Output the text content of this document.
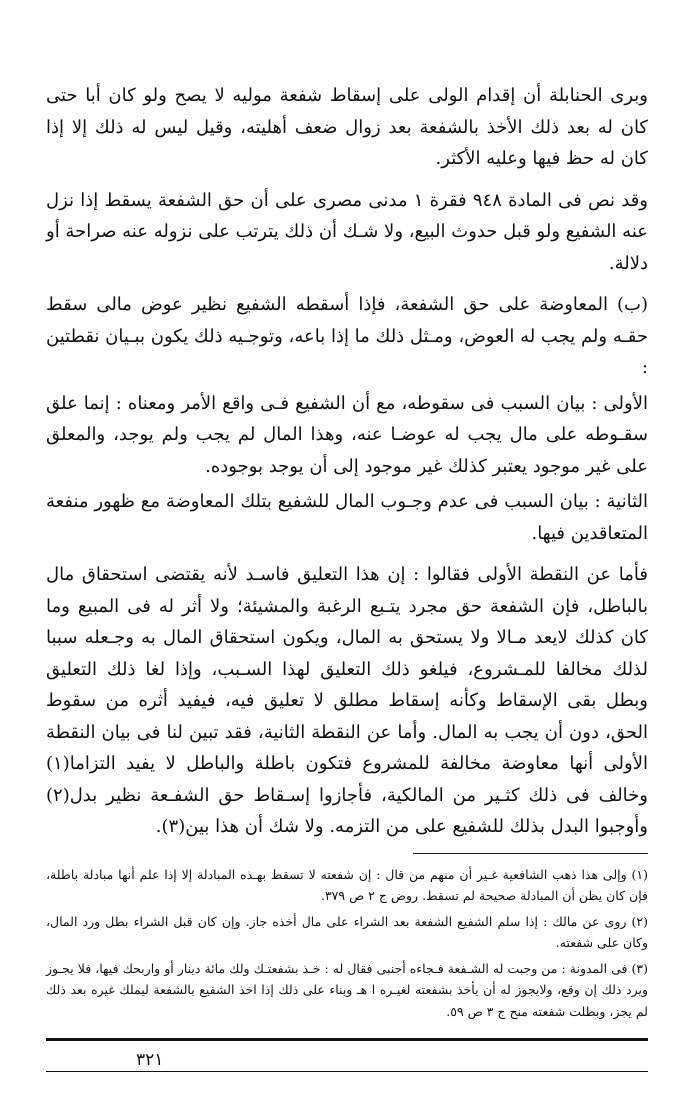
وبرى الحنابلة أن إقدام الولى على إسقاط شفعة موليه لا يصح ولو كان أبا حتى كان له بعد ذلك الأخذ بالشفعة بعد زوال ضعف أهليته، وقيل ليس له ذلك إلا إذا كان له حظ فيها وعليه الأكثر.

وقد نص فى المادة ٩٤٨ فقرة ١ مدنى مصرى على أن حق الشفعة يسقط إذا نزل عنه الشفيع ولو قبل حدوث البيع، ولا شـك أن ذلك يترتب على نزوله عنه صراحة أو دلالة.

(ب) المعاوضة على حق الشفعة، فإذا أسقطه الشفيع نظير عوض مالى سقط حقـه ولم يجب له العوض، ومـثل ذلك ما إذا باعه، وتوجـيه ذلك يكون ببـيان نقطتين :

الأولى : بيان السبب فى سقوطه، مع أن الشفيع فـى واقع الأمر ومعناه : إنما علق سقـوطه على مال يجب له عوضـا عنه، وهذا المال لم يجب ولم يوجد، والمعلق على غير موجود يعتبر كذلك غير موجود إلى أن يوجد بوجوده.

الثانية : بيان السبب فى عدم وجـوب المال للشفيع بتلك المعاوضة مع ظهور منفعة المتعاقدين فيها.

فأما عن النقطة الأولى فقالوا : إن هذا التعليق فاسـد لأنه يقتضى استحقاق مال بالباطل، فإن الشفعة حق مجرد يتـبع الرغبة والمشيئة؛ ولا أثر له فى المبيع وما كان كذلك لايعد مـالا ولا يستحق به المال، ويكون استحقاق المال به وجـعله سببا لذلك مخالفا للمـشروع، فيلغو ذلك التعليق لهذا السـبب، وإذا لغا ذلك التعليق وبطل بقى الإسقاط وكأنه إسقاط مطلق لا تعليق فيه، فيفيد أثره من سقوط الحق، دون أن يجب به المال. وأما عن النقطة الثانية، فقد تبين لنا فى بيان النقطة الأولى أنها معاوضة مخالفة للمشروع فتكون باطلة والباطل لا يفيد التزاما(١) وخالف فى ذلك كثـير من المالكية، فأجازوا إسـقاط حق الشفـعة نظير بدل(٢) وأوجبوا البدل بذلك للشفيع على من التزمه. ولا شك أن هذا بين(٣).

(١) وإلى هذا ذهب الشافعية غـير أن منهم من قال : إن شفعته لا تسقط بهـذه المبادلة إلا إذا علم أنها مبادلة باطلة، فإن كان يظن أن المبادلة صحيحة لم تسقط. روض ج ٢ ص ٣٧٩.

(٢) روى عن مالك : إذا سلم الشفيع الشفعة بعد الشراء على مال أخذه جاز. وإن كان قبل الشراء بطل ورد المال، وكان على شفعته.

(٣) فى المدونة : من وجبت له الشـفعة فـجاءه أجنبى فقال له : خـذ بشفعتـك ولك مائة دينار أو واربحك فيها، فلا يجـوز ويرد ذلك إن وقع، ولايجوز له أن يأخذ بشفعته لغيـره ا هـ وبناء على ذلك إذا اخذ الشفيع بالشفعة ليملك غيره بعد ذلك لم يجز، وبطلت شفعته منح ج ٣ ص ٥٩.

٣٢١
